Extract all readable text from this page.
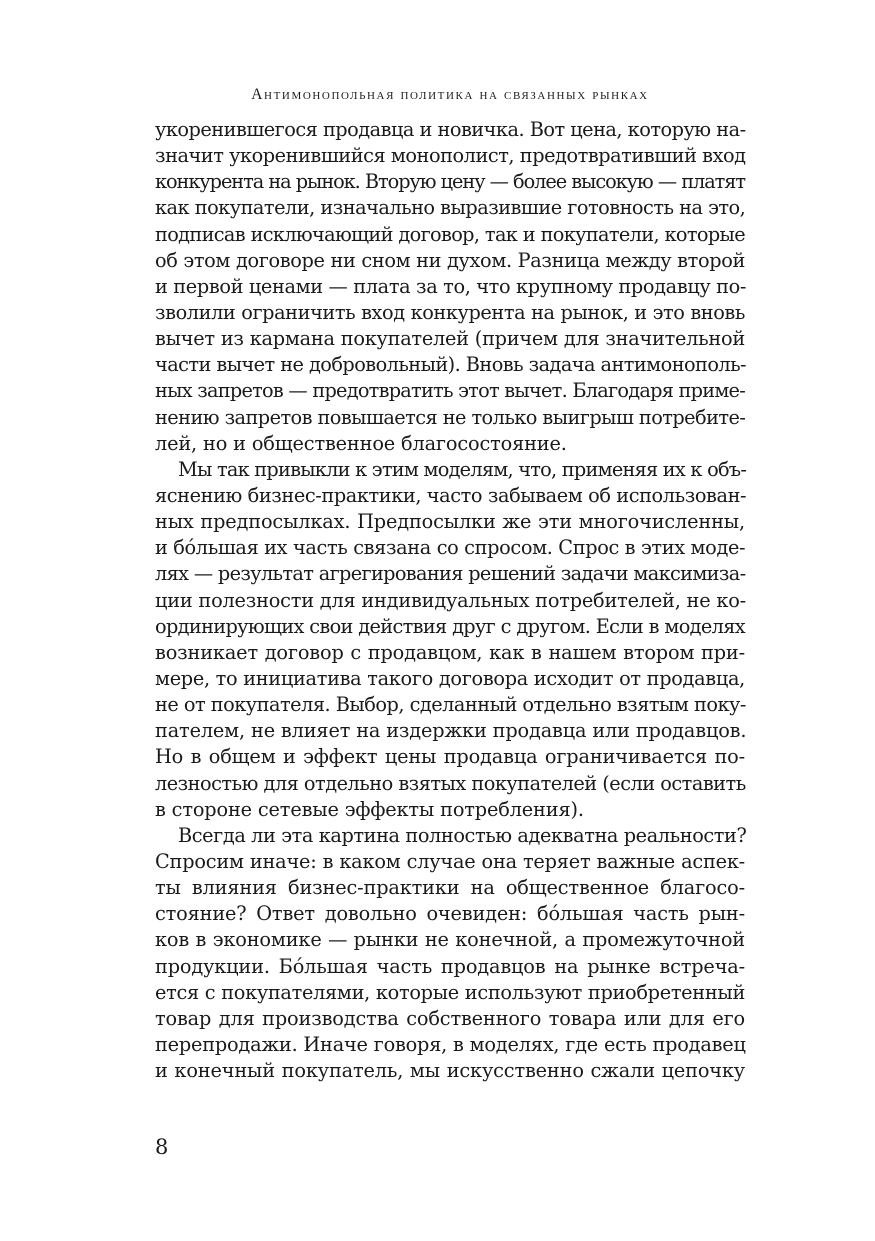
Антимонопольная политика на связанных рынках
укоренившегося продавца и новичка. Вот цена, которую на-
значит укоренившийся монополист, предотвративший вход
конкурента на рынок. Вторую цену — более высокую — платят
как покупатели, изначально выразившие готовность на это,
подписав исключающий договор, так и покупатели, которые
об этом договоре ни сном ни духом. Разница между второй
и первой ценами — плата за то, что крупному продавцу по-
зволили ограничить вход конкурента на рынок, и это вновь
вычет из кармана покупателей (причем для значительной
части вычет не добровольный). Вновь задача антимонополь-
ных запретов — предотвратить этот вычет. Благодаря приме-
нению запретов повышается не только выигрыш потребите-
лей, но и общественное благосостояние.
Мы так привыкли к этим моделям, что, применяя их к объ-
яснению бизнес-практики, часто забываем об использован-
ных предпосылках. Предпосылки же эти многочисленны,
и бóльшая их часть связана со спросом. Спрос в этих моде-
лях — результат агрегирования решений задачи максимиза-
ции полезности для индивидуальных потребителей, не ко-
ординирующих свои действия друг с другом. Если в моделях
возникает договор с продавцом, как в нашем втором при-
мере, то инициатива такого договора исходит от продавца,
не от покупателя. Выбор, сделанный отдельно взятым поку-
пателем, не влияет на издержки продавца или продавцов.
Но в общем и эффект цены продавца ограничивается по-
лезностью для отдельно взятых покупателей (если оставить
в стороне сетевые эффекты потребления).
Всегда ли эта картина полностью адекватна реальности?
Спросим иначе: в каком случае она теряет важные аспек-
ты влияния бизнес-практики на общественное благосо-
стояние? Ответ довольно очевиден: бóльшая часть рын-
ков в экономике — рынки не конечной, а промежуточной
продукции. Бóльшая часть продавцов на рынке встреча-
ется с покупателями, которые используют приобретенный
товар для производства собственного товара или для его
перепродажи. Иначе говоря, в моделях, где есть продавец
и конечный покупатель, мы искусственно сжали цепочку
8
